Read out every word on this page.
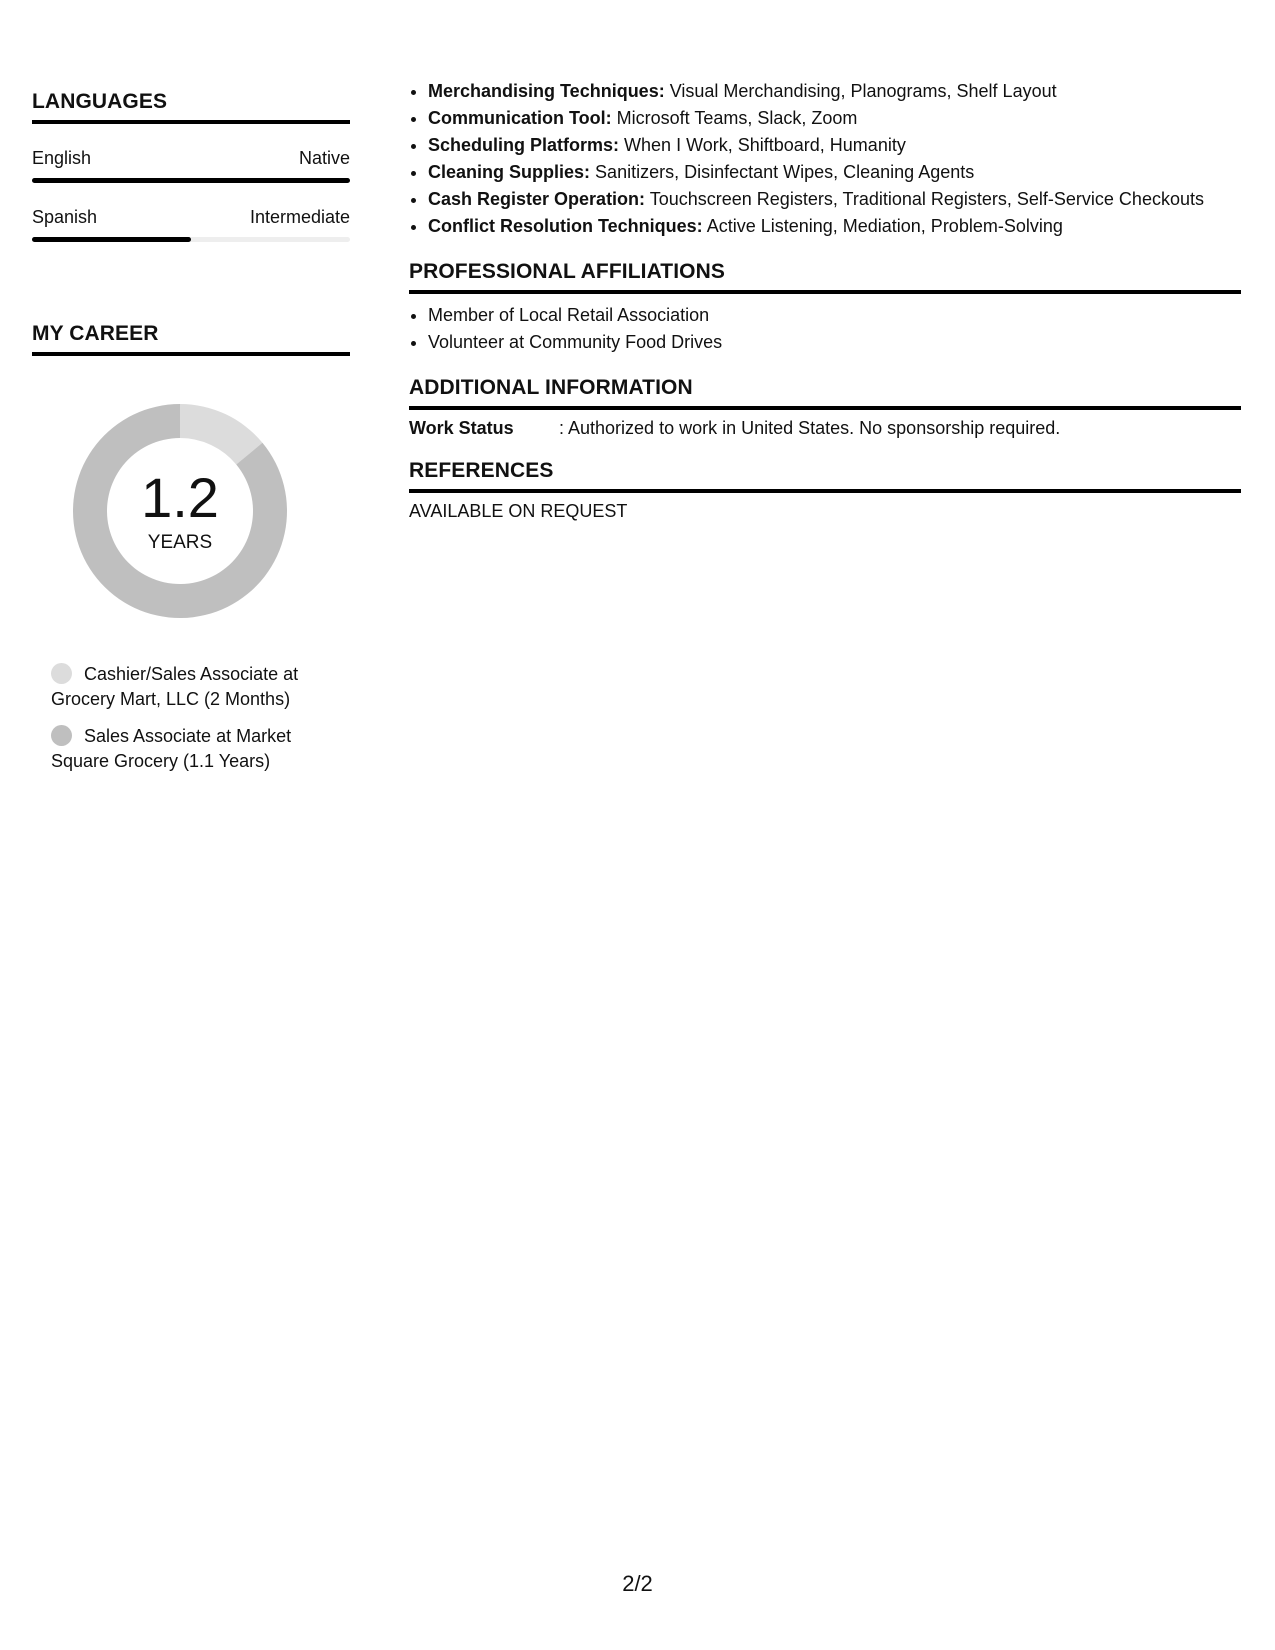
LANGUAGES
English	Native
Spanish	Intermediate
MY CAREER
1.2
YEARS
Cashier/Sales Associate at Grocery Mart, LLC (2 Months)
Sales Associate at Market Square Grocery (1.1 Years)
• Merchandising Techniques: Visual Merchandising, Planograms, Shelf Layout
• Communication Tool: Microsoft Teams, Slack, Zoom
• Scheduling Platforms: When I Work, Shiftboard, Humanity
• Cleaning Supplies: Sanitizers, Disinfectant Wipes, Cleaning Agents
• Cash Register Operation: Touchscreen Registers, Traditional Registers, Self-Service Checkouts
• Conflict Resolution Techniques: Active Listening, Mediation, Problem-Solving
PROFESSIONAL AFFILIATIONS
• Member of Local Retail Association
• Volunteer at Community Food Drives
ADDITIONAL INFORMATION
Work Status	: Authorized to work in United States. No sponsorship required.
REFERENCES
AVAILABLE ON REQUEST
2/2
